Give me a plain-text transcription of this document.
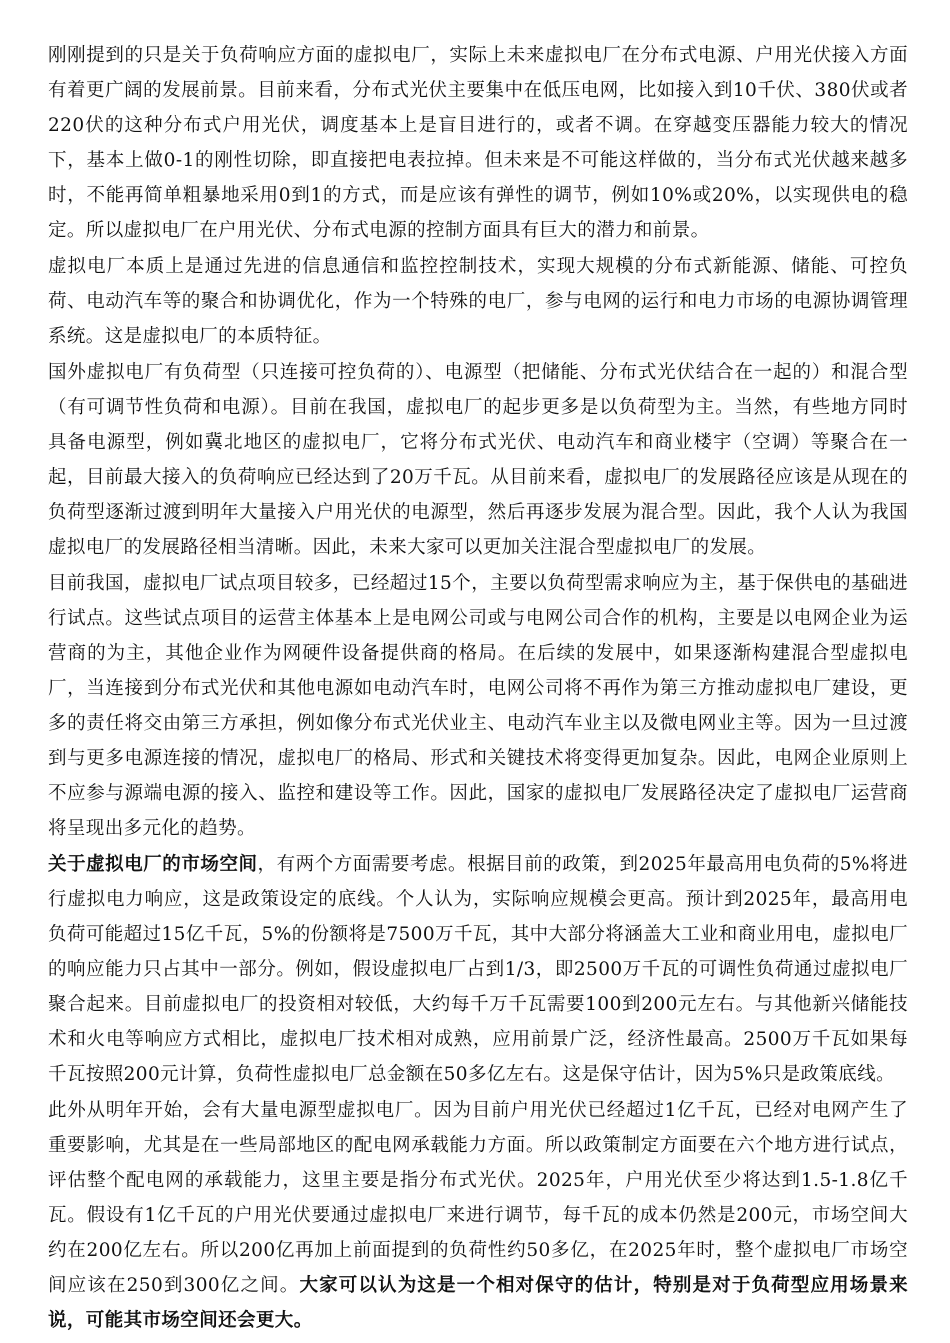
刚刚提到的只是关于负荷响应方面的虚拟电厂，实际上未来虚拟电厂在分布式电源、户用光伏接入方面有着更广阔的发展前景。目前来看，分布式光伏主要集中在低压电网，比如接入到10千伏、380伏或者220伏的这种分布式户用光伏，调度基本上是盲目进行的，或者不调。在穿越变压器能力较大的情况下，基本上做0-1的刚性切除，即直接把电表拉掉。但未来是不可能这样做的，当分布式光伏越来越多时，不能再简单粗暴地采用0到1的方式，而是应该有弹性的调节，例如10%或20%，以实现供电的稳定。所以虚拟电厂在户用光伏、分布式电源的控制方面具有巨大的潜力和前景。

虚拟电厂本质上是通过先进的信息通信和监控控制技术，实现大规模的分布式新能源、储能、可控负荷、电动汽车等的聚合和协调优化，作为一个特殊的电厂，参与电网的运行和电力市场的电源协调管理系统。这是虚拟电厂的本质特征。

国外虚拟电厂有负荷型（只连接可控负荷的）、电源型（把储能、分布式光伏结合在一起的）和混合型（有可调节性负荷和电源）。目前在我国，虚拟电厂的起步更多是以负荷型为主。当然，有些地方同时具备电源型，例如冀北地区的虚拟电厂，它将分布式光伏、电动汽车和商业楼宇（空调）等聚合在一起，目前最大接入的负荷响应已经达到了20万千瓦。从目前来看，虚拟电厂的发展路径应该是从现在的负荷型逐渐过渡到明年大量接入户用光伏的电源型，然后再逐步发展为混合型。因此，我个人认为我国虚拟电厂的发展路径相当清晰。因此，未来大家可以更加关注混合型虚拟电厂的发展。

目前我国，虚拟电厂试点项目较多，已经超过15个，主要以负荷型需求响应为主，基于保供电的基础进行试点。这些试点项目的运营主体基本上是电网公司或与电网公司合作的机构，主要是以电网企业为运营商的为主，其他企业作为网硬件设备提供商的格局。在后续的发展中，如果逐渐构建混合型虚拟电厂，当连接到分布式光伏和其他电源如电动汽车时，电网公司将不再作为第三方推动虚拟电厂建设，更多的责任将交由第三方承担，例如像分布式光伏业主、电动汽车业主以及微电网业主等。因为一旦过渡到与更多电源连接的情况，虚拟电厂的格局、形式和关键技术将变得更加复杂。因此，电网企业原则上不应参与源端电源的接入、监控和建设等工作。因此，国家的虚拟电厂发展路径决定了虚拟电厂运营商将呈现出多元化的趋势。

关于虚拟电厂的市场空间，有两个方面需要考虑。根据目前的政策，到2025年最高用电负荷的5%将进行虚拟电力响应，这是政策设定的底线。个人认为，实际响应规模会更高。预计到2025年，最高用电负荷可能超过15亿千瓦，5%的份额将是7500万千瓦，其中大部分将涵盖大工业和商业用电，虚拟电厂的响应能力只占其中一部分。例如，假设虚拟电厂占到1/3，即2500万千瓦的可调性负荷通过虚拟电厂聚合起来。目前虚拟电厂的投资相对较低，大约每千万千瓦需要100到200元左右。与其他新兴储能技术和火电等响应方式相比，虚拟电厂技术相对成熟，应用前景广泛，经济性最高。2500万千瓦如果每千瓦按照200元计算，负荷性虚拟电厂总金额在50多亿左右。这是保守估计，因为5%只是政策底线。

此外从明年开始，会有大量电源型虚拟电厂。因为目前户用光伏已经超过1亿千瓦，已经对电网产生了重要影响，尤其是在一些局部地区的配电网承载能力方面。所以政策制定方面要在六个地方进行试点，评估整个配电网的承载能力，这里主要是指分布式光伏。2025年，户用光伏至少将达到1.5-1.8亿千瓦。假设有1亿千瓦的户用光伏要通过虚拟电厂来进行调节，每千瓦的成本仍然是200元，市场空间大约在200亿左右。所以200亿再加上前面提到的负荷性约50多亿，在2025年时，整个虚拟电厂市场空间应该在250到300亿之间。大家可以认为这是一个相对保守的估计，特别是对于负荷型应用场景来说，可能其市场空间还会更大。
